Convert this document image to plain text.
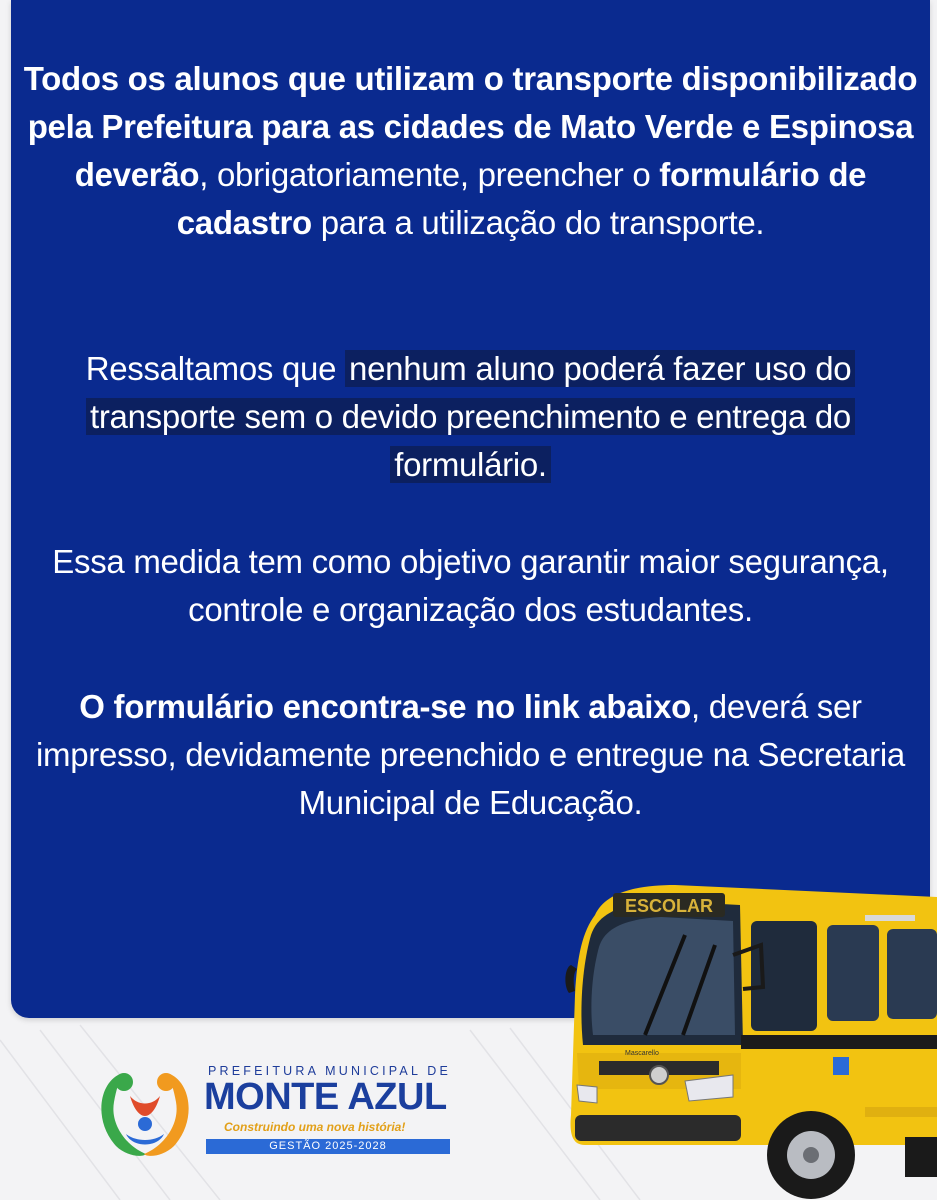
Todos os alunos que utilizam o transporte disponibilizado pela Prefeitura para as cidades de Mato Verde e Espinosa deverão, obrigatoriamente, preencher o formulário de cadastro para a utilização do transporte.
Ressaltamos que nenhum aluno poderá fazer uso do transporte sem o devido preenchimento e entrega do formulário.
Essa medida tem como objetivo garantir maior segurança, controle e organização dos estudantes.
O formulário encontra-se no link abaixo, deverá ser impresso, devidamente preenchido e entregue na Secretaria Municipal de Educação.
PREFEITURA MUNICIPAL DE
MONTE AZUL
Construindo uma nova história!
GESTÃO 2025-2028
ESCOLAR
Mascarello
